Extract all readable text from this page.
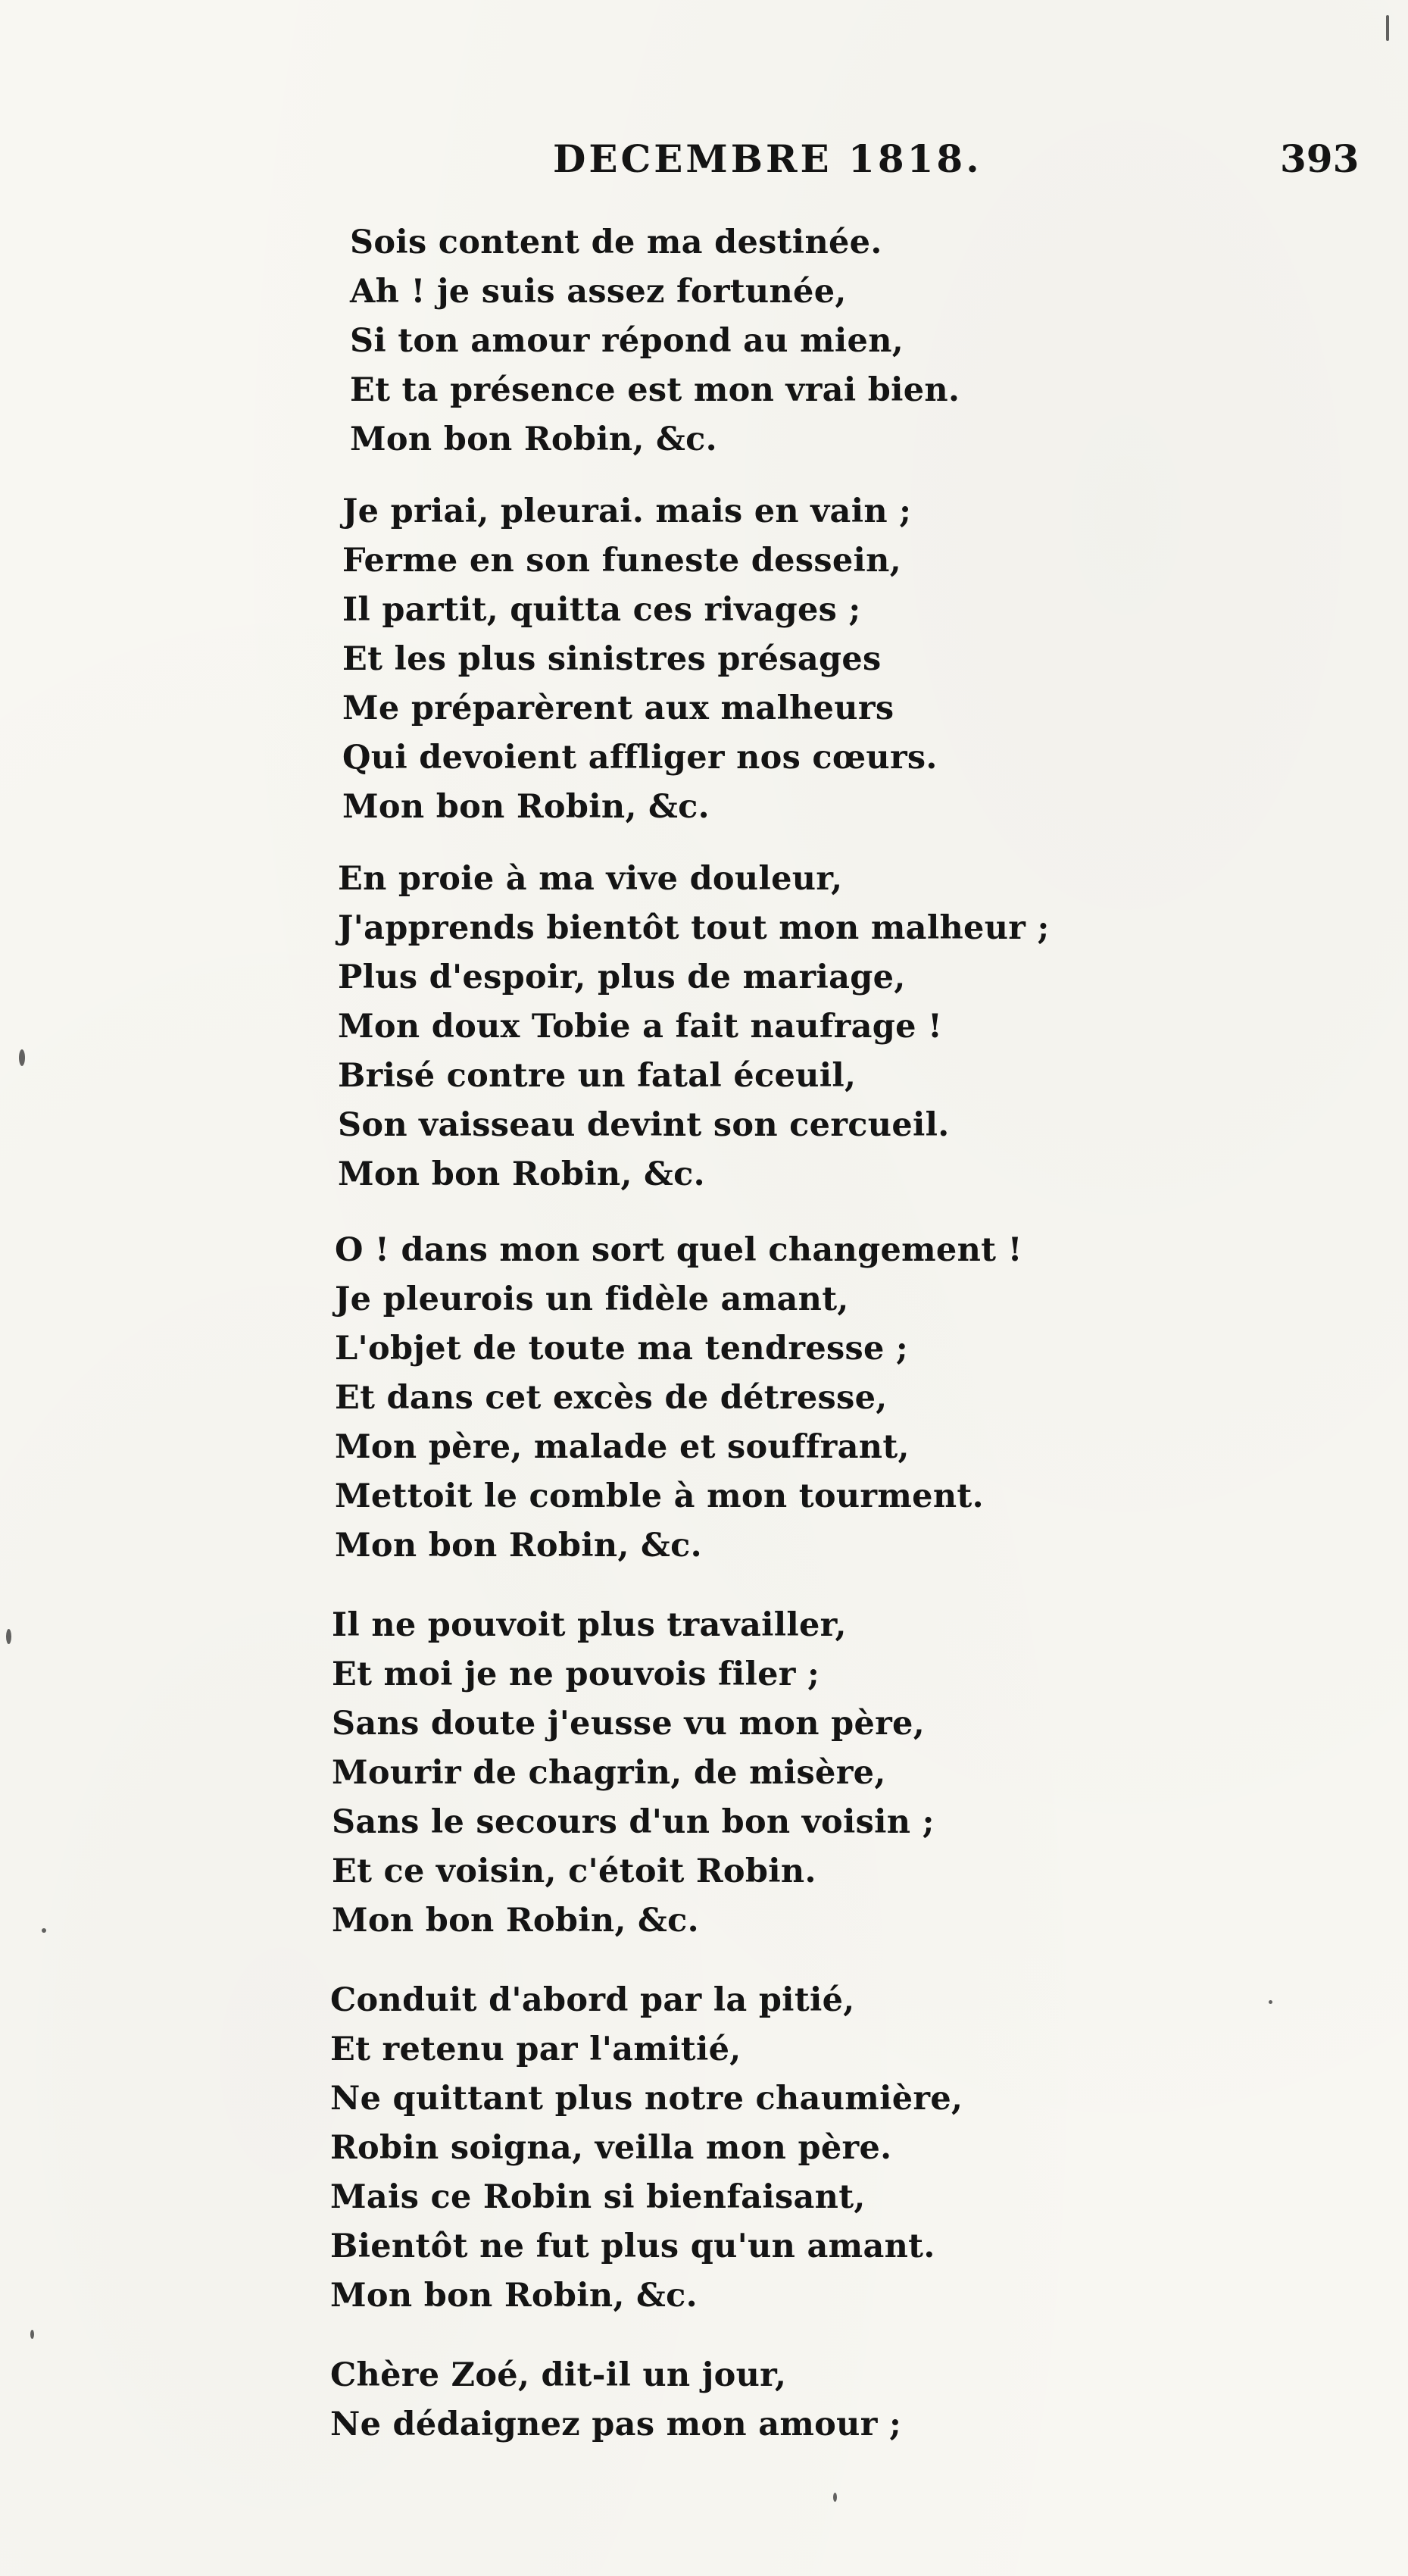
DECEMBRE 1818.	393
Sois content de ma destinée.
Ah ! je suis assez fortunée,
Si ton amour répond au mien,
Et ta présence est mon vrai bien.
Mon bon Robin, &c.
Je priai, pleurai. mais en vain ;
Ferme en son funeste dessein,
Il partit, quitta ces rivages ;
Et les plus sinistres présages
Me préparèrent aux malheurs
Qui devoient affliger nos cœurs.
Mon bon Robin, &c.
En proie à ma vive douleur,
J'apprends bientôt tout mon malheur ;
Plus d'espoir, plus de mariage,
Mon doux Tobie a fait naufrage !
Brisé contre un fatal éceuil,
Son vaisseau devint son cercueil.
Mon bon Robin, &c.
O ! dans mon sort quel changement !
Je pleurois un fidèle amant,
L'objet de toute ma tendresse ;
Et dans cet excès de détresse,
Mon père, malade et souffrant,
Mettoit le comble à mon tourment.
Mon bon Robin, &c.
Il ne pouvoit plus travailler,
Et moi je ne pouvois filer ;
Sans doute j'eusse vu mon père,
Mourir de chagrin, de misère,
Sans le secours d'un bon voisin ;
Et ce voisin, c'étoit Robin.
Mon bon Robin, &c.
Conduit d'abord par la pitié,
Et retenu par l'amitié,
Ne quittant plus notre chaumière,
Robin soigna, veilla mon père.
Mais ce Robin si bienfaisant,
Bientôt ne fut plus qu'un amant.
Mon bon Robin, &c.
Chère Zoé, dit-il un jour,
Ne dédaignez pas mon amour ;
